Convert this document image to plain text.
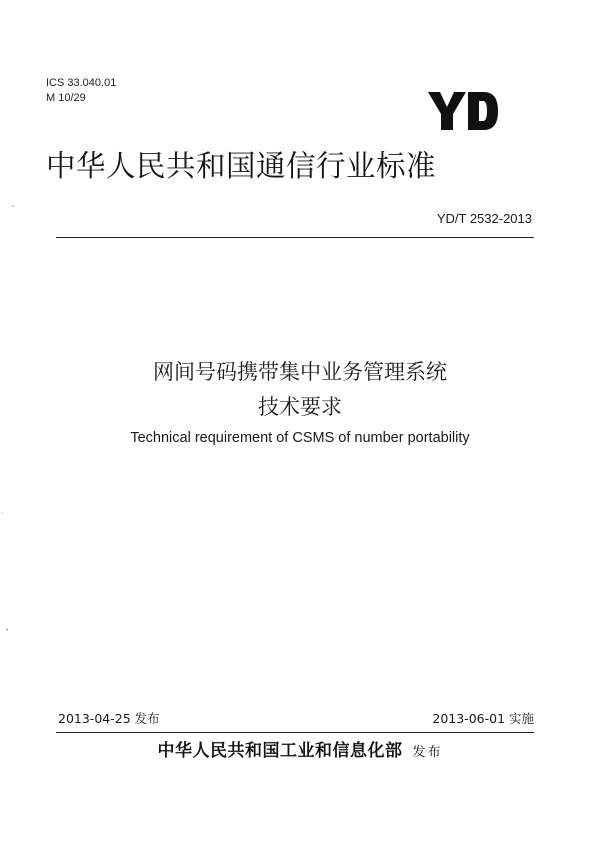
ICS 33.040.01
M 10/29
中华人民共和国通信行业标准
YD/T 2532-2013
网间号码携带集中业务管理系统
技术要求
Technical requirement of CSMS of number portability
2013-04-25 发布	2013-06-01 实施
中华人民共和国工业和信息化部 发布
